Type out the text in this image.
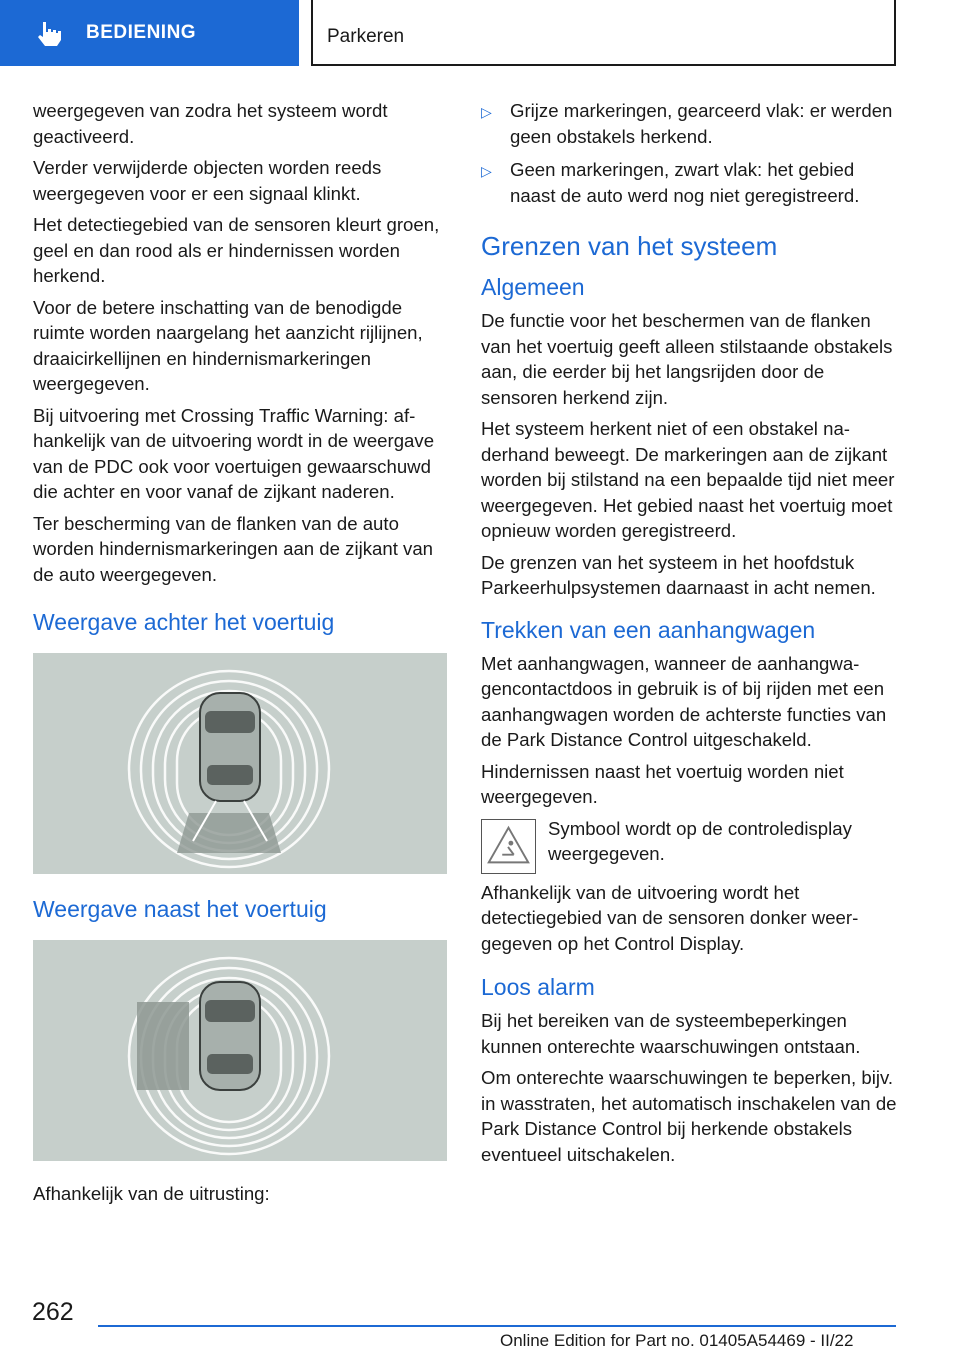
BEDIENING	Parkeren

weergegeven van zodra het systeem wordt geactiveerd.

Verder verwijderde objecten worden reeds weergegeven voor er een signaal klinkt.

Het detectiegebied van de sensoren kleurt groen, geel en dan rood als er hindernissen worden herkend.

Voor de betere inschatting van de benodigde ruimte worden naargelang het aanzicht rijlijnen, draaicirkellijnen en hindernismarkeringen weergegeven.

Bij uitvoering met Crossing Traffic Warning: afhankelijk van de uitvoering wordt in de weergave van de PDC ook voor voertuigen gewaarschuwd die achter en voor vanaf de zijkant naderen.

Ter bescherming van de flanken van de auto worden hindernismarkeringen aan de zijkant van de auto weergegeven.

Weergave achter het voertuig
Weergave naast het voertuig

Afhankelijk van de uitrusting:

▷ Grijze markeringen, gearceerd vlak: er werden geen obstakels herkend.
▷ Geen markeringen, zwart vlak: het gebied naast de auto werd nog niet geregistreerd.
Grenzen van het systeem
Algemeen

De functie voor het beschermen van de flanken van het voertuig geeft alleen stilstaande obstakels aan, die eerder bij het langsrijden door de sensoren herkend zijn.

Het systeem herkent niet of een obstakel naderhand beweegt. De markeringen aan de zijkant worden bij stilstand na een bepaalde tijd niet meer weergegeven. Het gebied naast het voertuig moet opnieuw worden geregistreerd.

De grenzen van het systeem in het hoofdstuk Parkeerhulpsystemen daarnaast in acht nemen.

Trekken van een aanhangwagen

Met aanhangwagen, wanneer de aanhangwagencontactdoos in gebruik is of bij rijden met een aanhangwagen worden de achterste functies van de Park Distance Control uitgeschakeld.

Hindernissen naast het voertuig worden niet weergegeven.

Symbool wordt op de controledisplay weergegeven.

Afhankelijk van de uitvoering wordt het detectiegebied van de sensoren donker weergegeven op het Control Display.

Loos alarm

Bij het bereiken van de systeembeperkingen kunnen onterechte waarschuwingen ontstaan.

Om onterechte waarschuwingen te beperken, bijv. in wasstraten, het automatisch inschakelen van de Park Distance Control bij herkende obstakels eventueel uitschakelen.

262
Online Edition for Part no. 01405A54469 - II/22
